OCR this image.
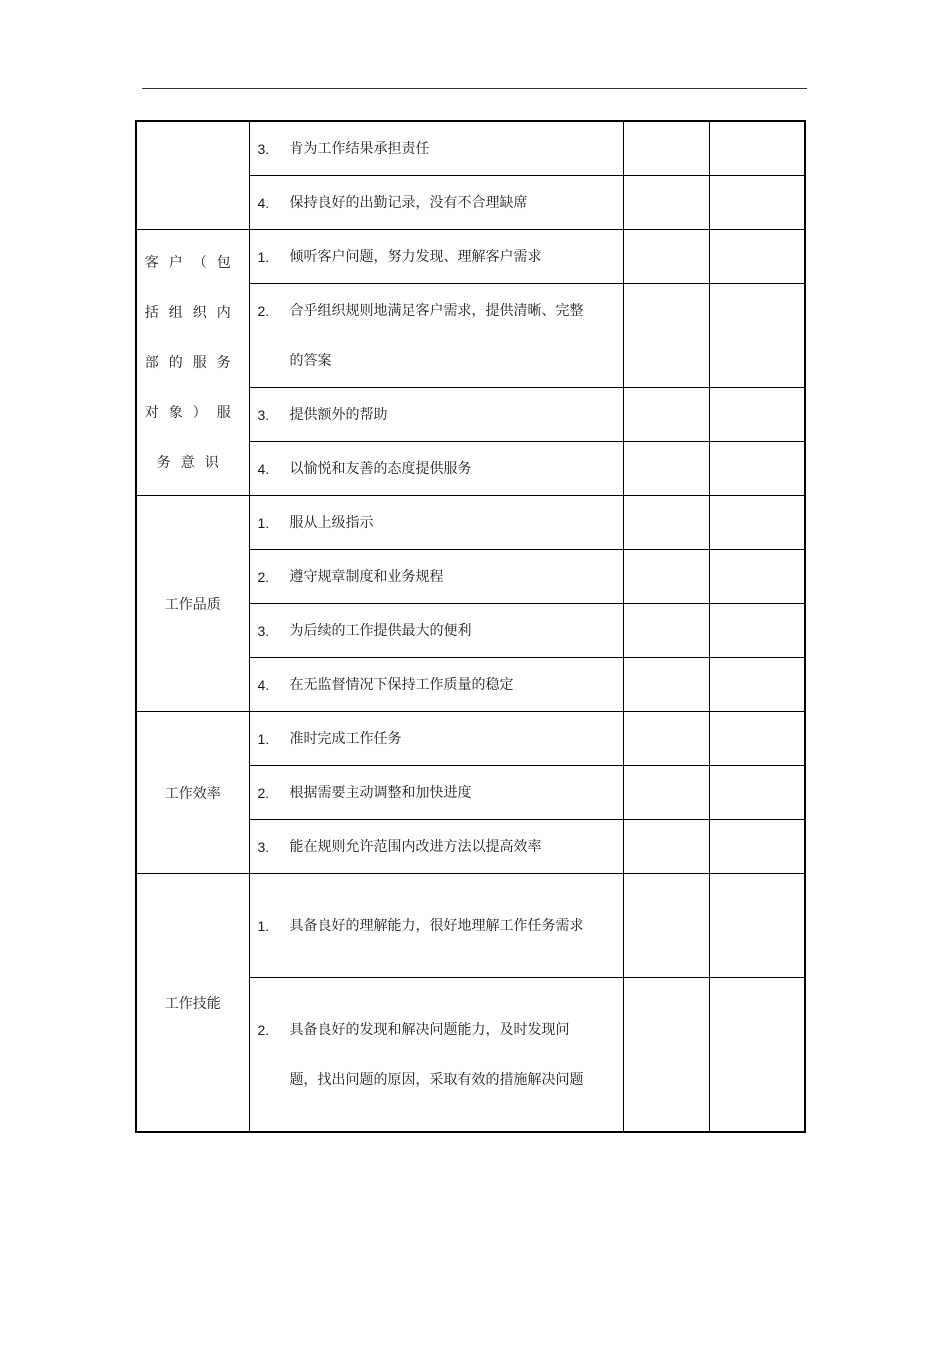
	3. 肯为工作结果承担责任		

	4. 保持良好的出勤记录，没有不合理缺席		

客户（包括组织内部的服务对象）服务意识	1. 倾听客户问题，努力发现、理解客户需求		

	2. 合乎组织规则地满足客户需求，提供清晰、完整的答案		

	3. 提供额外的帮助		

	4. 以愉悦和友善的态度提供服务		

工作品质	1. 服从上级指示		

	2. 遵守规章制度和业务规程		

	3. 为后续的工作提供最大的便利		

	4. 在无监督情况下保持工作质量的稳定		

工作效率	1. 准时完成工作任务		

	2. 根据需要主动调整和加快进度		

	3. 能在规则允许范围内改进方法以提高效率		

工作技能	1. 具备良好的理解能力，很好地理解工作任务需求		

	2. 具备良好的发现和解决问题能力，及时发现问题，找出问题的原因，采取有效的措施解决问题		
